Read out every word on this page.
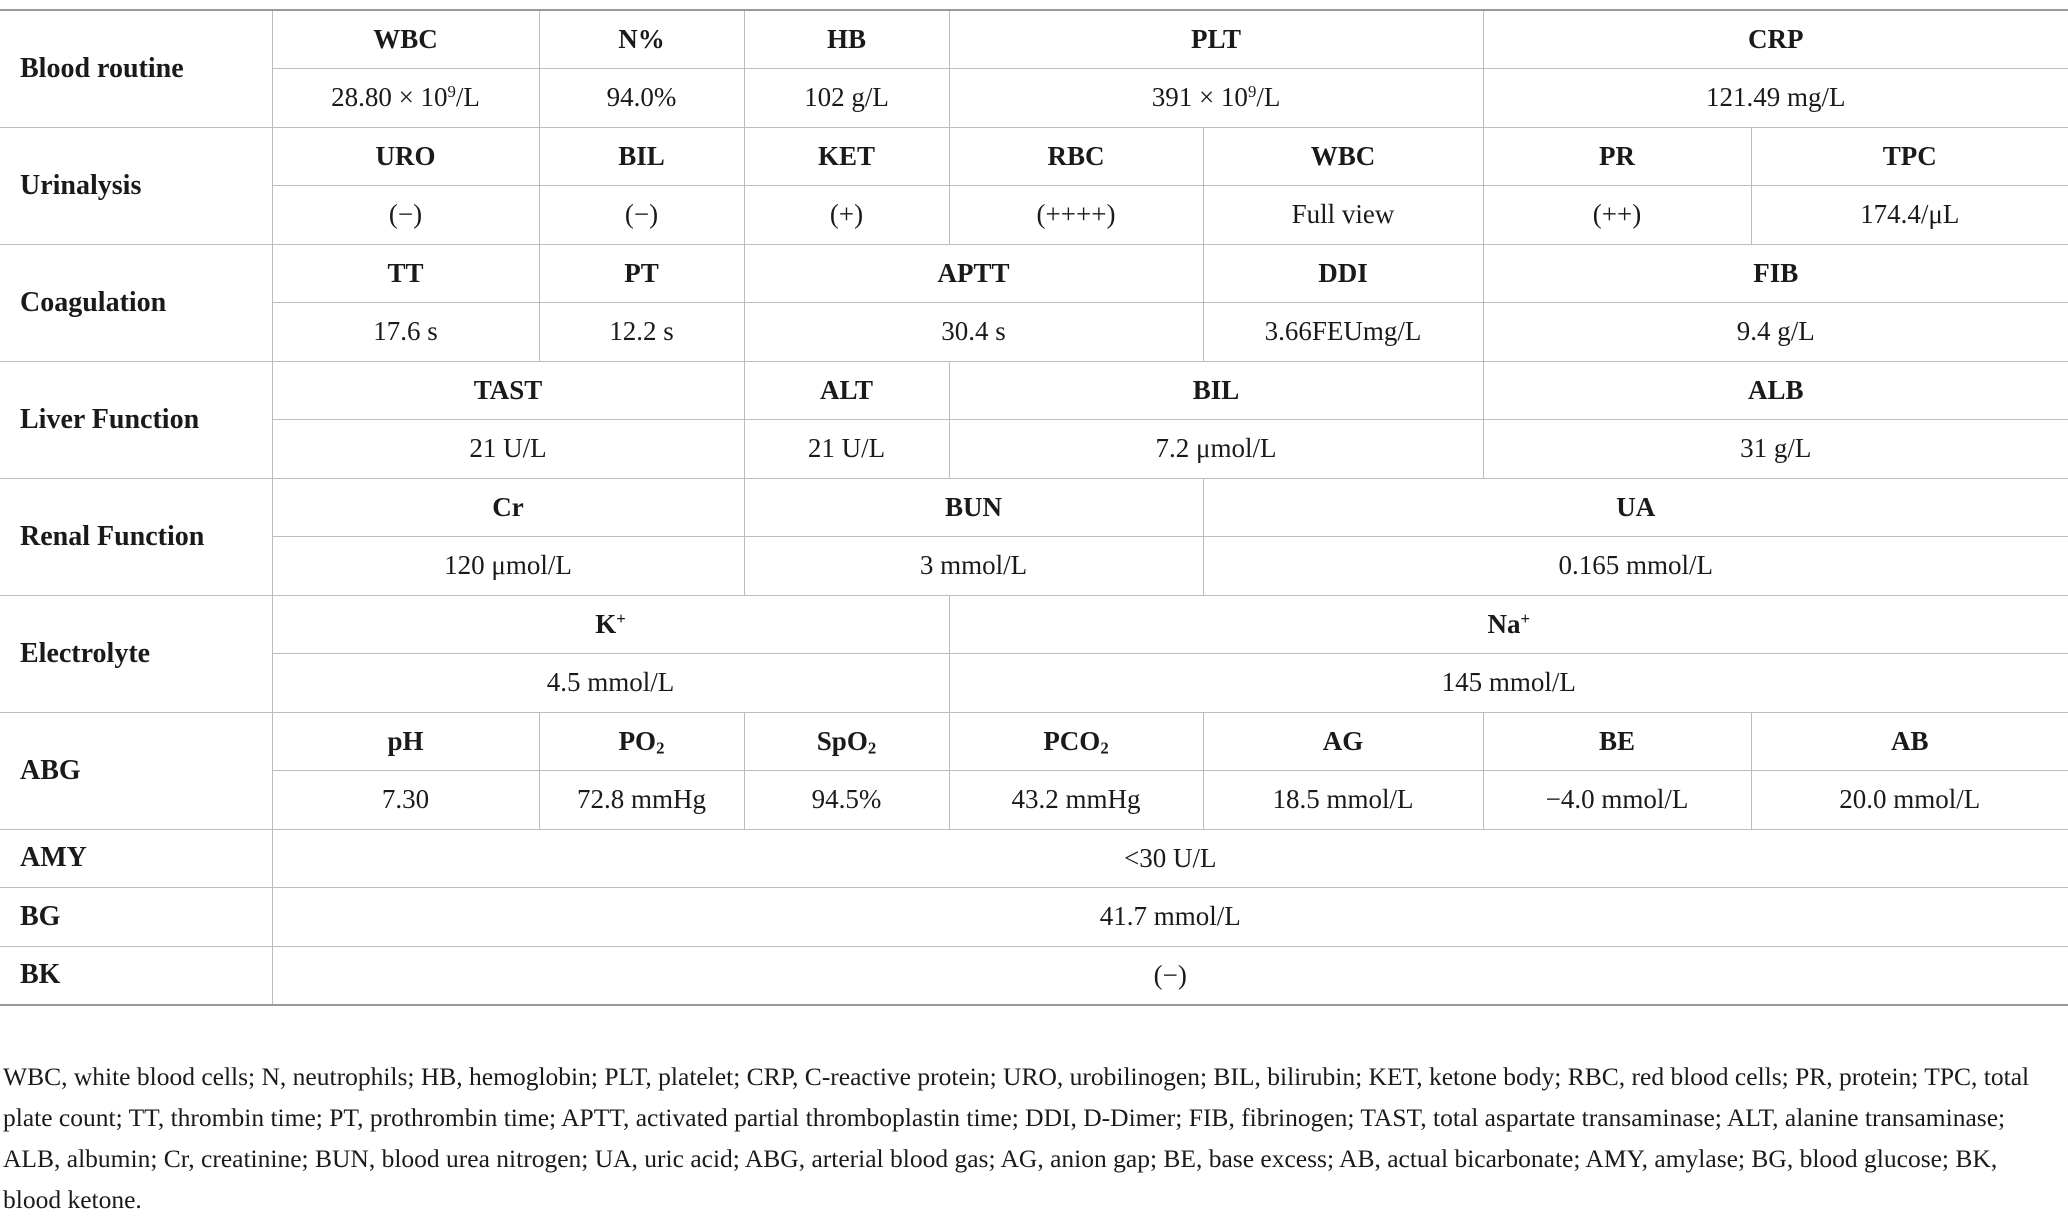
Blood routine	WBC	N%	HB	PLT		CRP	
	$28.80 \times 10^9/L$	94.0%	102 g/L	$391 \times 10^9/L$		121.49 mg/L	
Urinalysis	URO	BIL	KET	RBC	WBC	PR	TPC
	(−)	(−)	(+)	(++++)	Full view	(++)	174.4/μL
Coagulation	TT	PT	APTT		DDI	FIB	
	17.6 s	12.2 s	30.4 s		3.66FEUmg/L	9.4 g/L	
Liver Function	TAST		ALT	BIL		ALB	
	21 U/L		21 U/L	7.2 μmol/L		31 g/L	
Renal Function	Cr		BUN		UA		
	120 μmol/L		3 mmol/L		0.165 mmol/L		
Electrolyte	K+			Na+
	4.5 mmol/L			145 mmol/L			
ABG	pH	$PO_2$	SpO$_2$	$PCO_2$	AG	BE	AB
	7.30	72.8 mmHg	94.5%	43.2 mmHg	18.5 mmol/L	−4.0 mmol/L	20.0 mmol/L
AMY	<30 U/L						
BG	41.7 mmol/L						
BK	(−)						

WBC, white blood cells; N, neutrophils; HB, hemoglobin; PLT, platelet; CRP, C-reactive protein; URO, urobilinogen; BIL, bilirubin; KET, ketone body; RBC, red blood cells; PR, protein; TPC, total plate count; TT, thrombin time; PT, prothrombin time; APTT, activated partial thromboplastin time; DDI, D-Dimer; FIB, fibrinogen; TAST, total aspartate transaminase; ALT, alanine transaminase; ALB, albumin; Cr, creatinine; BUN, blood urea nitrogen; UA, uric acid; ABG, arterial blood gas; AG, anion gap; BE, base excess; AB, actual bicarbonate; AMY, amylase; BG, blood glucose; BK, blood ketone.
